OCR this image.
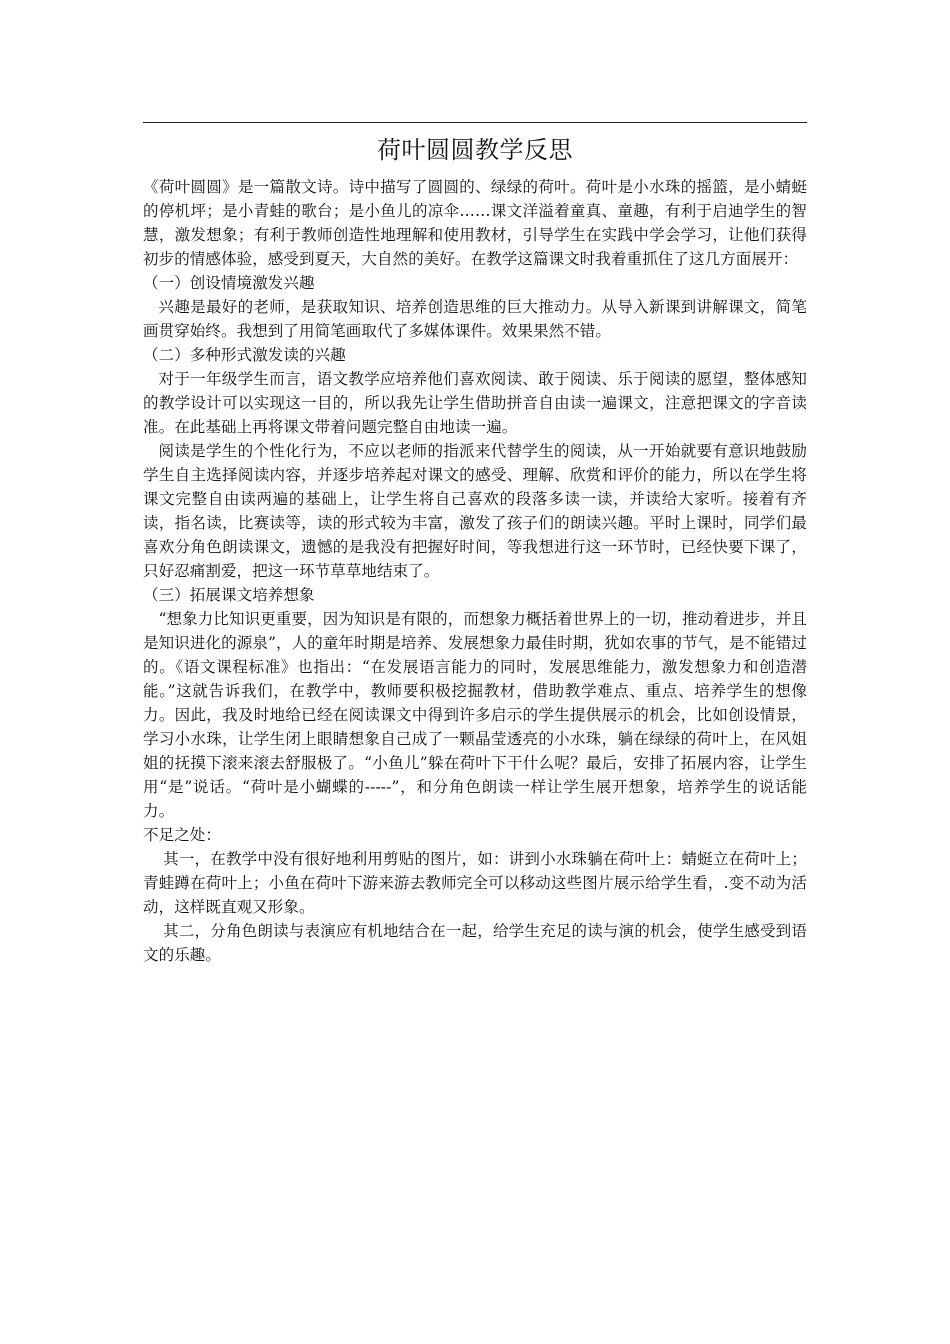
荷叶圆圆教学反思

《荷叶圆圆》是一篇散文诗。诗中描写了圆圆的、绿绿的荷叶。荷叶是小水珠的摇篮，是小蜻蜓的停机坪；是小青蛙的歌台；是小鱼儿的凉伞……课文洋溢着童真、童趣，有利于启迪学生的智慧，激发想象；有利于教师创造性地理解和使用教材，引导学生在实践中学会学习，让他们获得初步的情感体验，感受到夏天，大自然的美好。在教学这篇课文时我着重抓住了这几方面展开：

（一）创设情境激发兴趣

兴趣是最好的老师，是获取知识、培养创造思维的巨大推动力。从导入新课到讲解课文，简笔画贯穿始终。我想到了用简笔画取代了多媒体课件。效果果然不错。

（二）多种形式激发读的兴趣

对于一年级学生而言，语文教学应培养他们喜欢阅读、敢于阅读、乐于阅读的愿望，整体感知的教学设计可以实现这一目的，所以我先让学生借助拼音自由读一遍课文，注意把课文的字音读准。在此基础上再将课文带着问题完整自由地读一遍。

阅读是学生的个性化行为，不应以老师的指派来代替学生的阅读，从一开始就要有意识地鼓励学生自主选择阅读内容，并逐步培养起对课文的感受、理解、欣赏和评价的能力，所以在学生将课文完整自由读两遍的基础上，让学生将自己喜欢的段落多读一读，并读给大家听。接着有齐读，指名读，比赛读等，读的形式较为丰富，激发了孩子们的朗读兴趣。平时上课时，同学们最喜欢分角色朗读课文，遗憾的是我没有把握好时间，等我想进行这一环节时，已经快要下课了，只好忍痛割爱，把这一环节草草地结束了。

（三）拓展课文培养想象

“想象力比知识更重要，因为知识是有限的，而想象力概括着世界上的一切，推动着进步，并且是知识进化的源泉”，人的童年时期是培养、发展想象力最佳时期，犹如农事的节气，是不能错过的。《语文课程标准》也指出：“在发展语言能力的同时，发展思维能力，激发想象力和创造潜能。”这就告诉我们，在教学中，教师要积极挖掘教材，借助教学难点、重点、培养学生的想像力。因此，我及时地给已经在阅读课文中得到许多启示的学生提供展示的机会，比如创设情景，学习小水珠，让学生闭上眼睛想象自己成了一颗晶莹透亮的小水珠，躺在绿绿的荷叶上，在风姐姐的抚摸下滚来滚去舒服极了。“小鱼儿”躲在荷叶下干什么呢？最后，安排了拓展内容，让学生用“是”说话。“荷叶是小蝴蝶的-----”，和分角色朗读一样让学生展开想象，培养学生的说话能力。

不足之处：

其一，在教学中没有很好地利用剪贴的图片，如：讲到小水珠躺在荷叶上：蜻蜓立在荷叶上；青蛙蹲在荷叶上；小鱼在荷叶下游来游去教师完全可以移动这些图片展示给学生看，.变不动为活动，这样既直观又形象。

其二，分角色朗读与表演应有机地结合在一起，给学生充足的读与演的机会，使学生感受到语文的乐趣。
